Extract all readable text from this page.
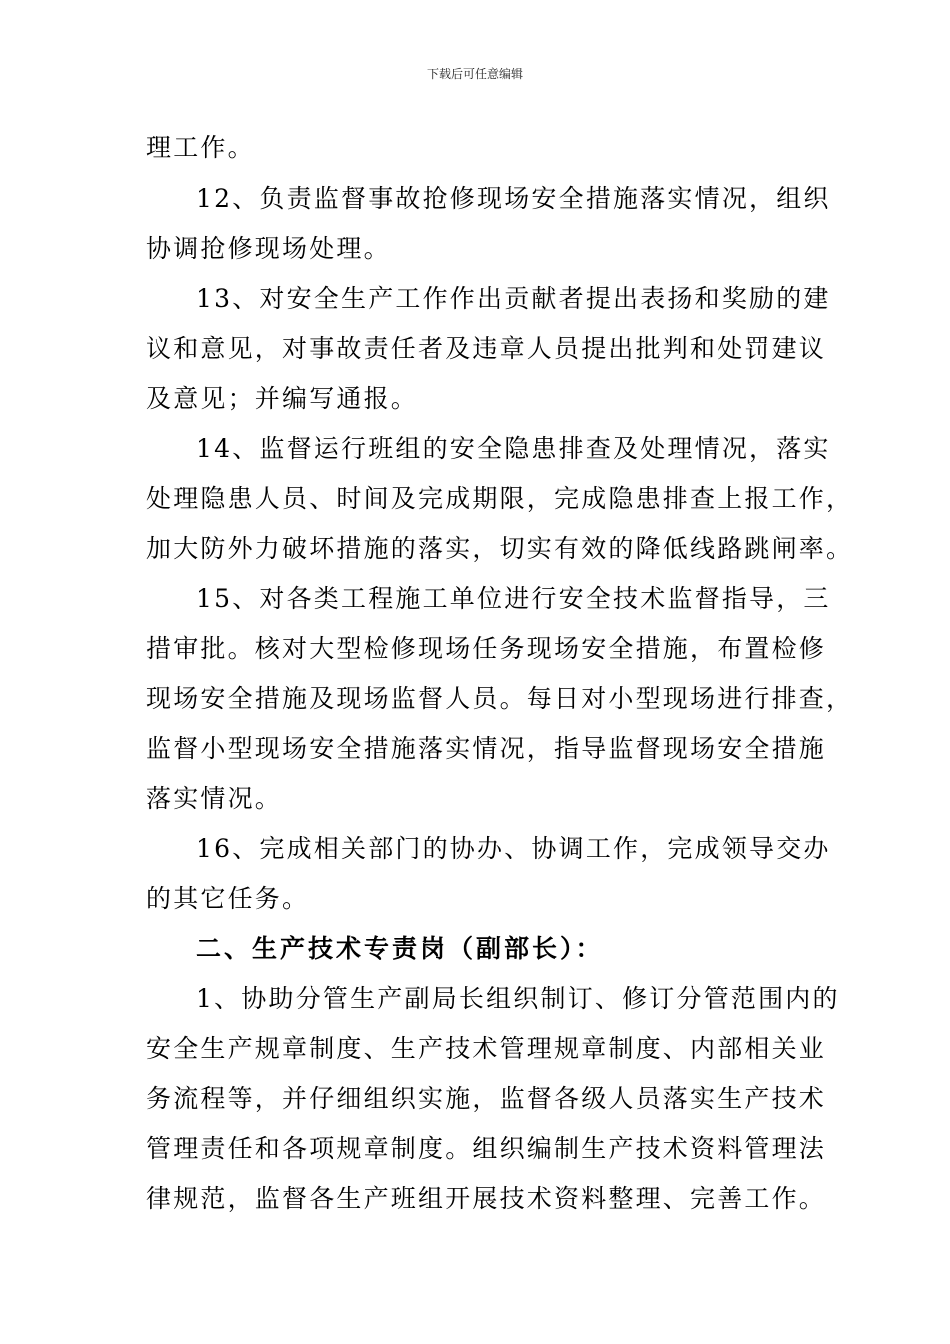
下载后可任意编辑
理工作。
12、负责监督事故抢修现场安全措施落实情况，组织
协调抢修现场处理。
13、对安全生产工作作出贡献者提出表扬和奖励的建
议和意见，对事故责任者及违章人员提出批判和处罚建议
及意见；并编写通报。
14、监督运行班组的安全隐患排查及处理情况，落实
处理隐患人员、时间及完成期限，完成隐患排查上报工作，
加大防外力破坏措施的落实，切实有效的降低线路跳闸率。
15、对各类工程施工单位进行安全技术监督指导，三
措审批。核对大型检修现场任务现场安全措施，布置检修
现场安全措施及现场监督人员。每日对小型现场进行排查，
监督小型现场安全措施落实情况，指导监督现场安全措施
落实情况。
16、完成相关部门的协办、协调工作，完成领导交办
的其它任务。
二、生产技术专责岗（副部长）：
1、协助分管生产副局长组织制订、修订分管范围内的
安全生产规章制度、生产技术管理规章制度、内部相关业
务流程等，并仔细组织实施，监督各级人员落实生产技术
管理责任和各项规章制度。组织编制生产技术资料管理法
律规范，监督各生产班组开展技术资料整理、完善工作。
